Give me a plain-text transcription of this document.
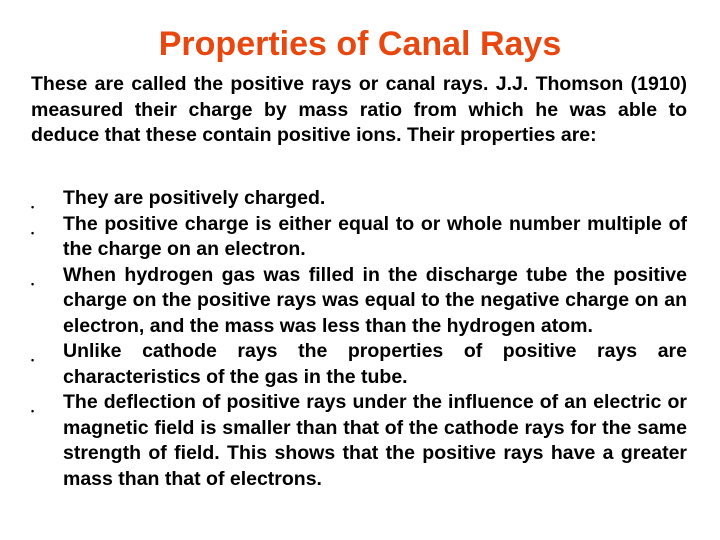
Properties of Canal Rays

These are called the positive rays or canal rays. J.J. Thomson (1910) measured their charge by mass ratio from which he was able to deduce that these contain positive ions. Their properties are:

•	They are positively charged.
•	The positive charge is either equal to or whole number multiple of the charge on an electron.
•	When hydrogen gas was filled in the discharge tube the positive charge on the positive rays was equal to the negative charge on an electron, and the mass was less than the hydrogen atom.
•	Unlike cathode rays the properties of positive rays are characteristics of the gas in the tube.
•	The deflection of positive rays under the influence of an electric or magnetic field is smaller than that of the cathode rays for the same strength of field. This shows that the positive rays have a greater mass than that of electrons.
